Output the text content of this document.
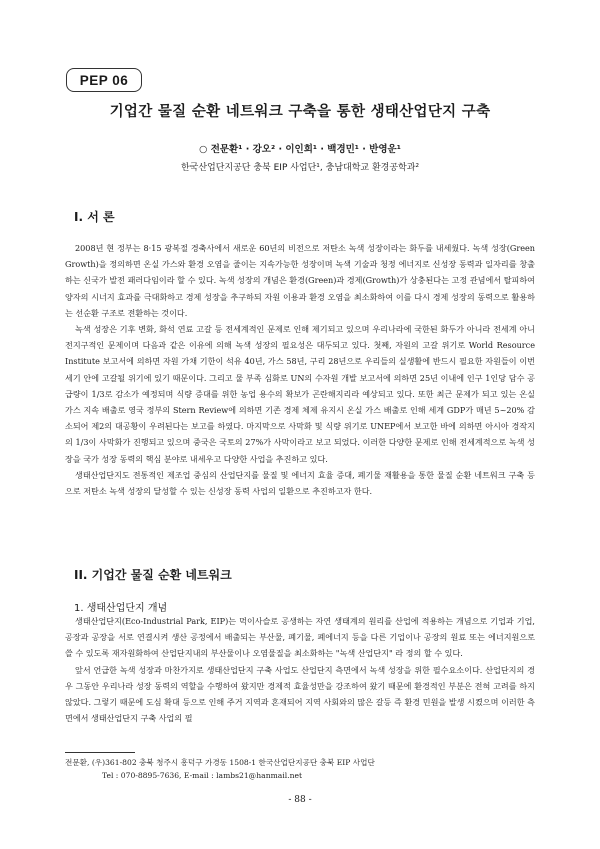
PEP 06
기업간 물질 순환 네트워크 구축을 통한 생태산업단지 구축
○ 전문환¹ · 강오² · 이인희¹ · 백경민¹ · 반영운¹
한국산업단지공단 충북 EIP 사업단¹, 충남대학교 환경공학과²
I. 서 론

2008년 현 정부는 8·15 광복절 경축사에서 새로운 60년의 비전으로 저탄소 녹색 성장이라는 화두를 내세웠다. 녹색 성장(Green Growth)을 정의하면 온실 가스와 환경 오염을 줄이는 지속가능한 성장이며 녹색 기술과 청정 에너지로 신성장 동력과 일자리를 창출하는 신국가 발전 패러다임이라 할 수 있다. 녹색 성장의 개념은 환경(Green)과 경제(Growth)가 상충된다는 고정 관념에서 탈피하여 양자의 시너지 효과를 극대화하고 경제 성장을 추구하되 자원 이용과 환경 오염을 최소화하여 이를 다시 경제 성장의 동력으로 활용하는 선순환 구조로 전환하는 것이다.

녹색 성장은 기후 변화, 화석 연료 고갈 등 전세계적인 문제로 인해 제기되고 있으며 우리나라에 국한된 화두가 아니라 전세계 아니 전지구적인 문제이며 다음과 같은 이유에 의해 녹색 성장의 필요성은 대두되고 있다. 첫째, 자원의 고갈 위기로 World Resource Institute 보고서에 의하면 자원 가채 기한이 석유 40년, 가스 58년, 구리 28년으로 우리들의 실생활에 반드시 필요한 자원들이 이번 세기 안에 고갈될 위기에 있기 때문이다. 그리고 물 부족 심화로 UN의 수자원 개발 보고서에 의하면 25년 이내에 인구 1인당 담수 공급량이 1/3로 감소가 예정되며 식량 증대를 위한 농업 용수의 확보가 곤란해지리라 예상되고 있다. 또한 최근 문제가 되고 있는 온실 가스 지속 배출로 영국 정부의 Stern Review에 의하면 기존 경제 체제 유지시 온실 가스 배출로 인해 세계 GDP가 매년 5~20% 감소되어 제2의 대공황이 우려된다는 보고를 하였다. 마지막으로 사막화 및 식량 위기로 UNEP에서 보고한 바에 의하면 아시아 경작지의 1/3이 사막화가 진행되고 있으며 중국은 국토의 27%가 사막이라고 보고 되었다. 이러한 다양한 문제로 인해 전세계적으로 녹색 성장을 국가 성장 동력의 핵심 분야로 내세우고 다양한 사업을 추진하고 있다.

생태산업단지도 전통적인 제조업 중심의 산업단지를 물질 및 에너지 효율 증대, 폐기물 재활용을 통한 물질 순환 네트워크 구축 등으로 저탄소 녹색 성장의 달성할 수 있는 신성장 동력 사업의 일환으로 추진하고자 한다.

II. 기업간 물질 순환 네트워크
1. 생태산업단지 개념

생태산업단지(Eco-Industrial Park, EIP)는 먹이사슬로 공생하는 자연 생태계의 원리를 산업에 적용하는 개념으로 기업과 기업, 공장과 공장을 서로 연결시켜 생산 공정에서 배출되는 부산물, 폐기물, 폐에너지 등을 다른 기업이나 공장의 원료 또는 에너지원으로 쓸 수 있도록 재자원화하여 산업단지내의 부산물이나 오염물질을 최소화하는 "녹색 산업단지" 라 정의 할 수 있다.

앞서 언급한 녹색 성장과 마찬가지로 생태산업단지 구축 사업도 산업단지 측면에서 녹색 성장을 위한 필수요소이다. 산업단지의 경우 그동안 우리나라 성장 동력의 역할을 수행하여 왔지만 경제적 효율성만을 강조하여 왔기 때문에 환경적인 부분은 전혀 고려를 하지 않았다. 그렇기 때문에 도심 확대 등으로 인해 주거 지역과 혼재되어 지역 사회와의 많은 갈등 즉 환경 민원을 발생 시켰으며 이러한 측면에서 생태산업단지 구축 사업의 필

전문환, (우)361-802 충북 청주시 흥덕구 가경동 1508-1 한국산업단지공단 충북 EIP 사업단
Tel : 070-8895-7636, E-mail : lambs21@hanmail.net
- 88 -
